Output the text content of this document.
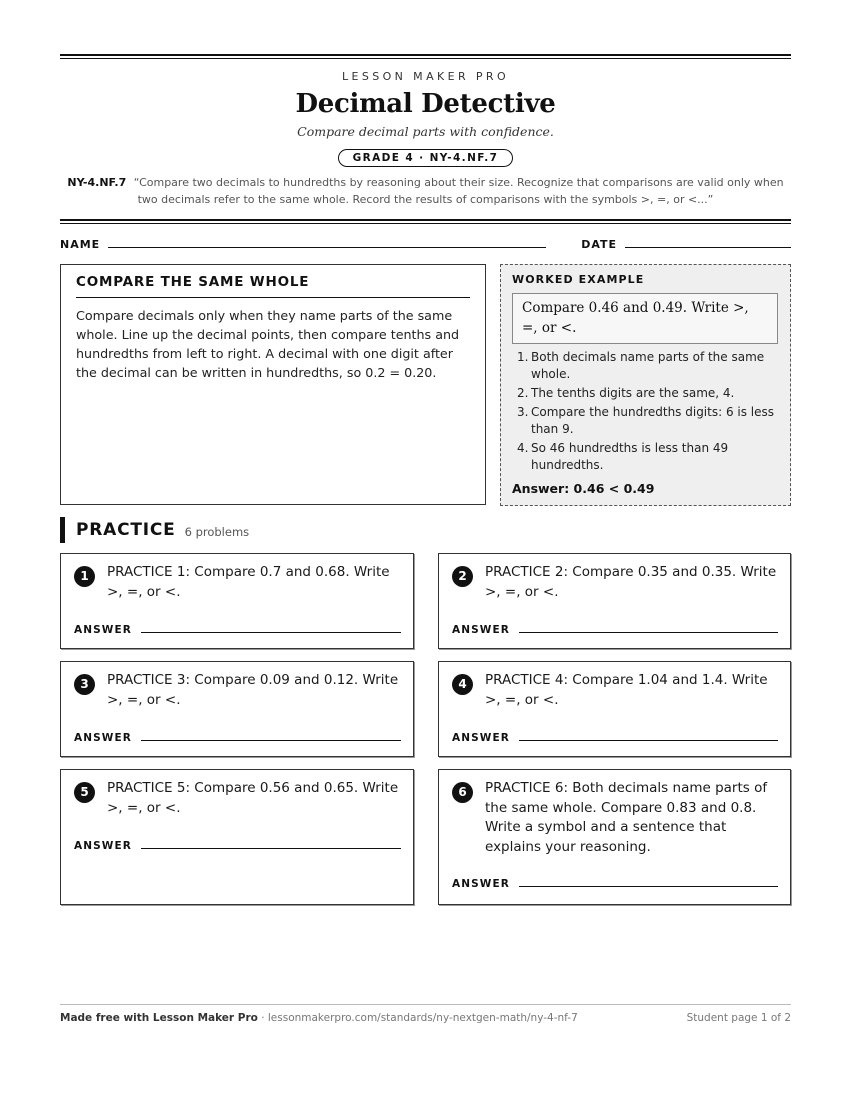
LESSON MAKER PRO
Decimal Detective
Compare decimal parts with confidence.
GRADE 4 · NY-4.NF.7
NY-4.NF.7 “Compare two decimals to hundredths by reasoning about their size. Recognize that comparisons are valid only when two decimals refer to the same whole. Record the results of comparisons with the symbols >, =, or <...”
NAME	DATE
COMPARE THE SAME WHOLE
Compare decimals only when they name parts of the same whole. Line up the decimal points, then compare tenths and hundredths from left to right. A decimal with one digit after the decimal can be written in hundredths, so 0.2 = 0.20.
WORKED EXAMPLE
Compare 0.46 and 0.49. Write >, =, or <.
1. Both decimals name parts of the same whole.
2. The tenths digits are the same, 4.
3. Compare the hundredths digits: 6 is less than 9.
4. So 46 hundredths is less than 49 hundredths.
Answer: 0.46 < 0.49
PRACTICE 6 problems
1	PRACTICE 1: Compare 0.7 and 0.68. Write >, =, or <.
ANSWER
2	PRACTICE 2: Compare 0.35 and 0.35. Write >, =, or <.
ANSWER
3	PRACTICE 3: Compare 0.09 and 0.12. Write >, =, or <.
ANSWER
4	PRACTICE 4: Compare 1.04 and 1.4. Write >, =, or <.
ANSWER
5	PRACTICE 5: Compare 0.56 and 0.65. Write >, =, or <.
ANSWER
6	PRACTICE 6: Both decimals name parts of the same whole. Compare 0.83 and 0.8. Write a symbol and a sentence that explains your reasoning.
ANSWER
Made free with Lesson Maker Pro · lessonmakerpro.com/standards/ny-nextgen-math/ny-4-nf-7	Student page 1 of 2
